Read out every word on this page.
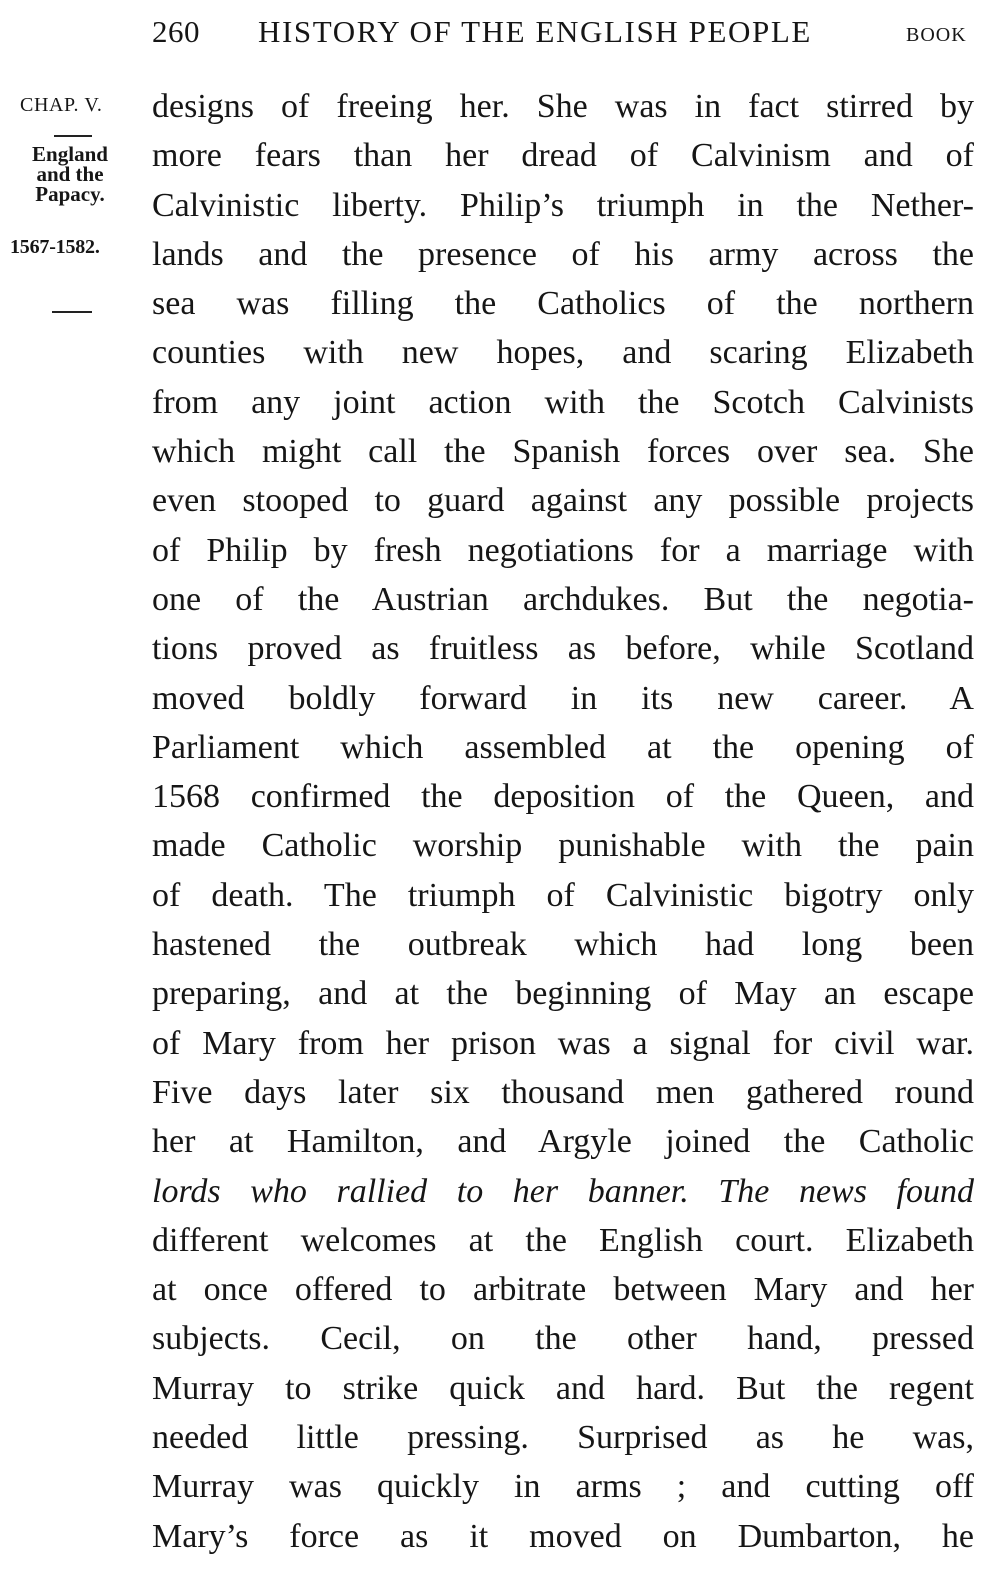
260 HISTORY OF THE ENGLISH PEOPLE	BOOK
CHAP. V.
England
and the
Papacy.
1567-1582.
designs of freeing her. She was in fact stirred by
more fears than her dread of Calvinism and of
Calvinistic liberty. Philip’s triumph in the Nether-
lands and the presence of his army across the
sea was filling the Catholics of the northern
counties with new hopes, and scaring Elizabeth
from any joint action with the Scotch Calvinists
which might call the Spanish forces over sea. She
even stooped to guard against any possible projects
of Philip by fresh negotiations for a marriage with
one of the Austrian archdukes. But the negotia-
tions proved as fruitless as before, while Scotland
moved boldly forward in its new career. A
Parliament which assembled at the opening of
1568 confirmed the deposition of the Queen, and
made Catholic worship punishable with the pain
of death. The triumph of Calvinistic bigotry only
hastened the outbreak which had long been
preparing, and at the beginning of May an escape
of Mary from her prison was a signal for civil war.
Five days later six thousand men gathered round
her at Hamilton, and Argyle joined the Catholic
lords who rallied to her banner. The news found
different welcomes at the English court. Elizabeth
at once offered to arbitrate between Mary and her
subjects. Cecil, on the other hand, pressed
Murray to strike quick and hard. But the regent
needed little pressing. Surprised as he was,
Murray was quickly in arms ; and cutting off
Mary’s force as it moved on Dumbarton, he
